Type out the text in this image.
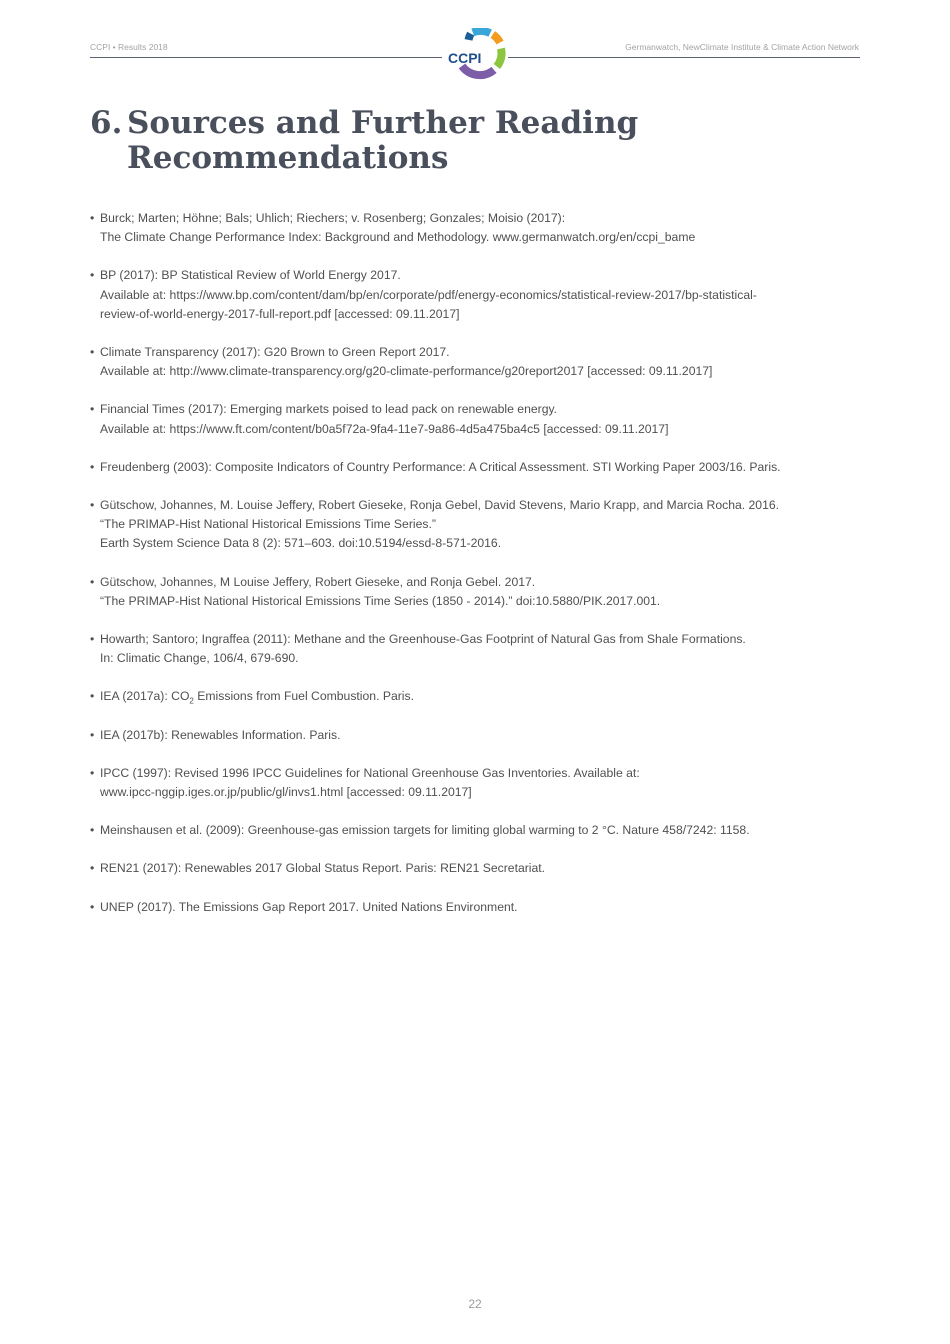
CCPI • Results 2018	Germanwatch, NewClimate Institute & Climate Action Network
CCPI
6. Sources and Further Reading Recommendations
• Burck; Marten; Höhne; Bals; Uhlich; Riechers; v. Rosenberg; Gonzales; Moisio (2017):
The Climate Change Performance Index: Background and Methodology. www.germanwatch.org/en/ccpi_bame
• BP (2017): BP Statistical Review of World Energy 2017.
Available at: https://www.bp.com/content/dam/bp/en/corporate/pdf/energy-economics/statistical-review-2017/bp-statistical-
review-of-world-energy-2017-full-report.pdf [accessed: 09.11.2017]
• Climate Transparency (2017): G20 Brown to Green Report 2017.
Available at: http://www.climate-transparency.org/g20-climate-performance/g20report2017 [accessed: 09.11.2017]
• Financial Times (2017): Emerging markets poised to lead pack on renewable energy.
Available at: https://www.ft.com/content/b0a5f72a-9fa4-11e7-9a86-4d5a475ba4c5 [accessed: 09.11.2017]
• Freudenberg (2003): Composite Indicators of Country Performance: A Critical Assessment. STI Working Paper 2003/16. Paris.
• Gütschow, Johannes, M. Louise Jeffery, Robert Gieseke, Ronja Gebel, David Stevens, Mario Krapp, and Marcia Rocha. 2016.
“The PRIMAP-Hist National Historical Emissions Time Series.”
Earth System Science Data 8 (2): 571–603. doi:10.5194/essd-8-571-2016.
• Gütschow, Johannes, M Louise Jeffery, Robert Gieseke, and Ronja Gebel. 2017.
“The PRIMAP-Hist National Historical Emissions Time Series (1850 - 2014).” doi:10.5880/PIK.2017.001.
• Howarth; Santoro; Ingraffea (2011): Methane and the Greenhouse-Gas Footprint of Natural Gas from Shale Formations.
In: Climatic Change, 106/4, 679-690.
• IEA (2017a): $CO_2$ Emissions from Fuel Combustion. Paris.
• IEA (2017b): Renewables Information. Paris.
• IPCC (1997): Revised 1996 IPCC Guidelines for National Greenhouse Gas Inventories. Available at:
www.ipcc-nggip.iges.or.jp/public/gl/invs1.html [accessed: 09.11.2017]
• Meinshausen et al. (2009): Greenhouse-gas emission targets for limiting global warming to 2 °C. Nature 458/7242: 1158.
• REN21 (2017): Renewables 2017 Global Status Report. Paris: REN21 Secretariat.
• UNEP (2017). The Emissions Gap Report 2017. United Nations Environment.
22
